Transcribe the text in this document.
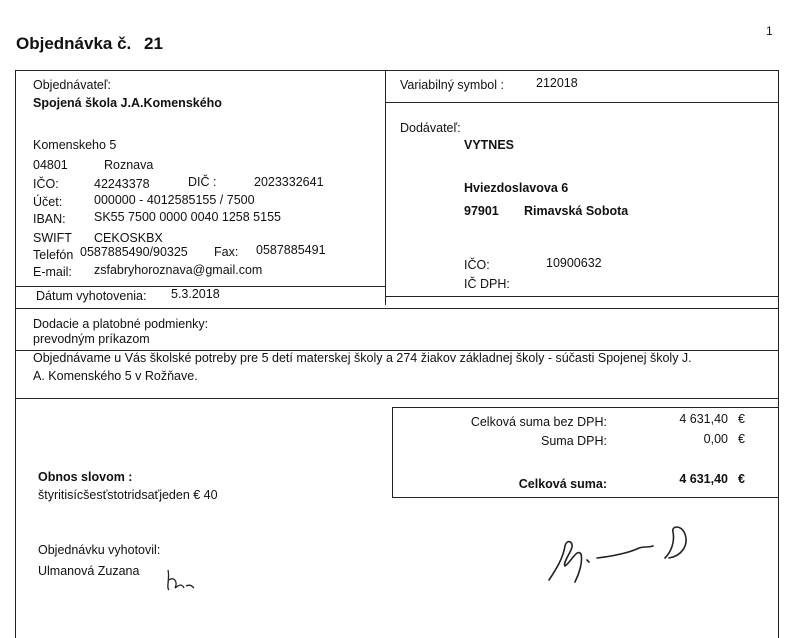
1
Objednávka č. 21
Objednávateľ:
Spojená škola J.A.Komenského
Komenskeho 5
04801	Roznava
IČO:	42243378	DIČ :	2023332641
Účet:	000000 - 4012585155 / 7500
IBAN: SK55 7500 0000 0040 1258 5155
SWIFT CEKOSKBX
Telefón 0587885490/90325 Fax: 0587885491
E-mail: zsfabryhoroznava@gmail.com
Dátum vyhotovenia: 5.3.2018
Variabilný symbol :	212018
Dodávateľ:
VYTNES
Hviezdoslavova 6
97901 Rimavská Sobota
IČO:	10900632
IČ DPH:
Dodacie a platobné podmienky:
prevodným príkazom
Objednávame u Vás školské potreby pre 5 detí materskej školy a 274 žiakov základnej školy - súčasti Spojenej školy J.
A. Komenského 5 v Rožňave.
Celková suma bez DPH:	4 631,40 €
Suma DPH:	0,00 €
Celková suma:	4 631,40 €
Obnos slovom :
štyritisícšesťstotridsaťjeden € 40
Objednávku vyhotovil:
Ulmanová Zuzana
